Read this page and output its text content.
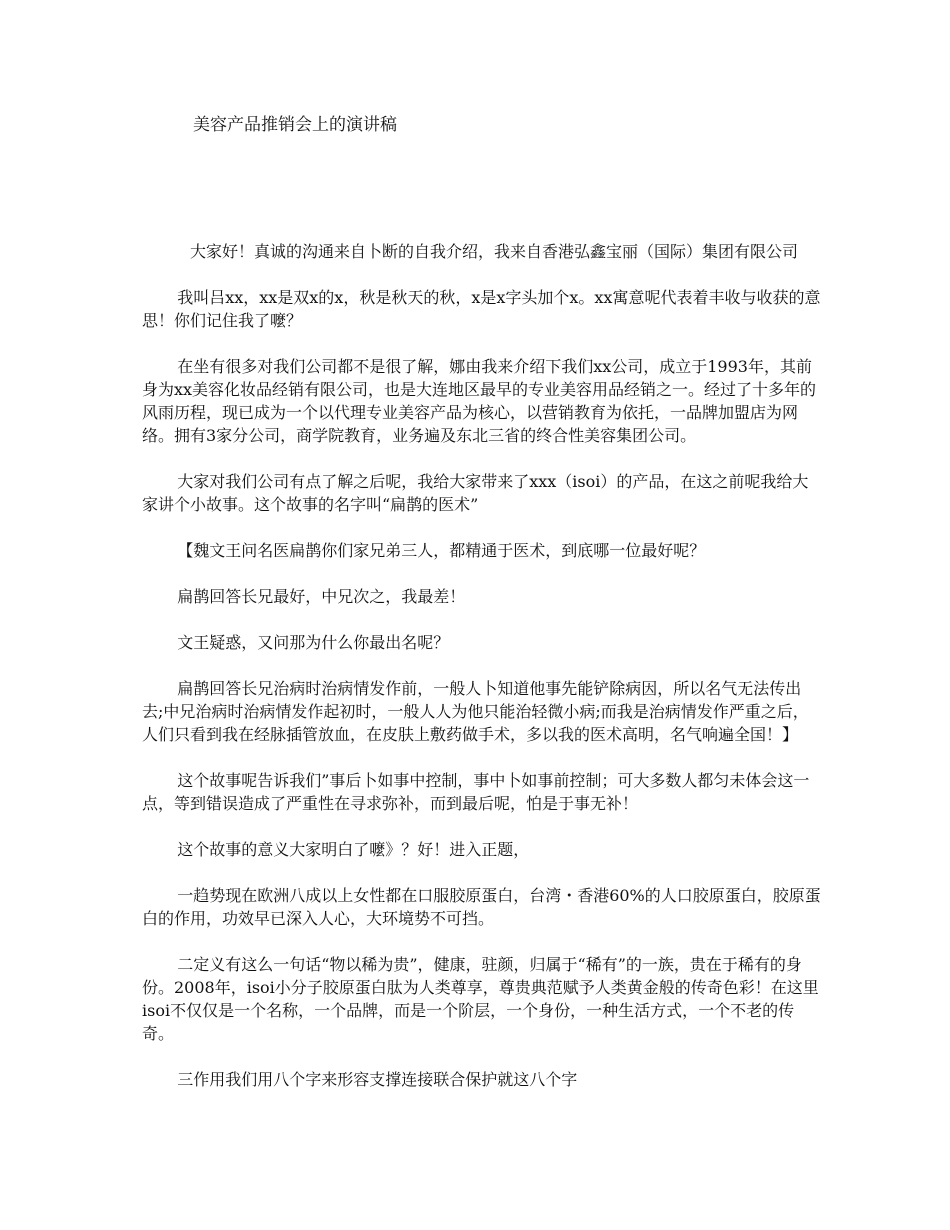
美容产品推销会上的演讲稿

大家好！真诚的沟通来自卜断的自我介绍，我来自香港弘鑫宝丽（国际）集团有限公司

我叫吕xx，xx是双x的x，秋是秋天的秋，x是x字头加个x。xx寓意呢代表着丰收与收获的意思！你们记住我了嚒？

在坐有很多对我们公司都不是很了解，娜由我来介绍下我们xx公司，成立于1993年，其前身为xx美容化妆品经销有限公司，也是大连地区最早的专业美容用品经销之一。经过了十多年的风雨历程，现已成为一个以代理专业美容产品为核心，以营销教育为依托，一品牌加盟店为网络。拥有3家分公司，商学院教育，业务遍及东北三省的终合性美容集团公司。

大家对我们公司有点了解之后呢，我给大家带来了xxx（isoi）的产品，在这之前呢我给大家讲个小故事。这个故事的名字叫“扁鹊的医术”

【魏文王问名医扁鹊你们家兄弟三人，都精通于医术，到底哪一位最好呢？

扁鹊回答长兄最好，中兄次之，我最差！

文王疑惑，又问那为什么你最出名呢？

扁鹊回答长兄治病时治病情发作前，一般人卜知道他事先能铲除病因，所以名气无法传出去;中兄治病时治病情发作起初时，一般人人为他只能治轻微小病;而我是治病情发作严重之后，人们只看到我在经脉插管放血，在皮肤上敷药做手术，多以我的医术高明，名气响遍全国！】

这个故事呢告诉我们”事后卜如事中控制，事中卜如事前控制；可大多数人都匀未体会这一点，等到错误造成了严重性在寻求弥补，而到最后呢，怕是于事无补！

这个故事的意义大家明白了嚒》？好！进入正题，

一趋势现在欧洲八成以上女性都在口服胶原蛋白，台湾・香港60%的人口胶原蛋白，胶原蛋白的作用，功效早已深入人心，大环境势不可挡。

二定义有这么一句话“物以稀为贵”，健康，驻颜，归属于“稀有”的一族，贵在于稀有的身份。2008年，isoi小分子胶原蛋白肽为人类尊享，尊贵典范赋予人类黄金般的传奇色彩！在这里isoi不仅仅是一个名称，一个品牌，而是一个阶层，一个身份，一种生活方式，一个不老的传奇。

三作用我们用八个字来形容支撑连接联合保护就这八个字
